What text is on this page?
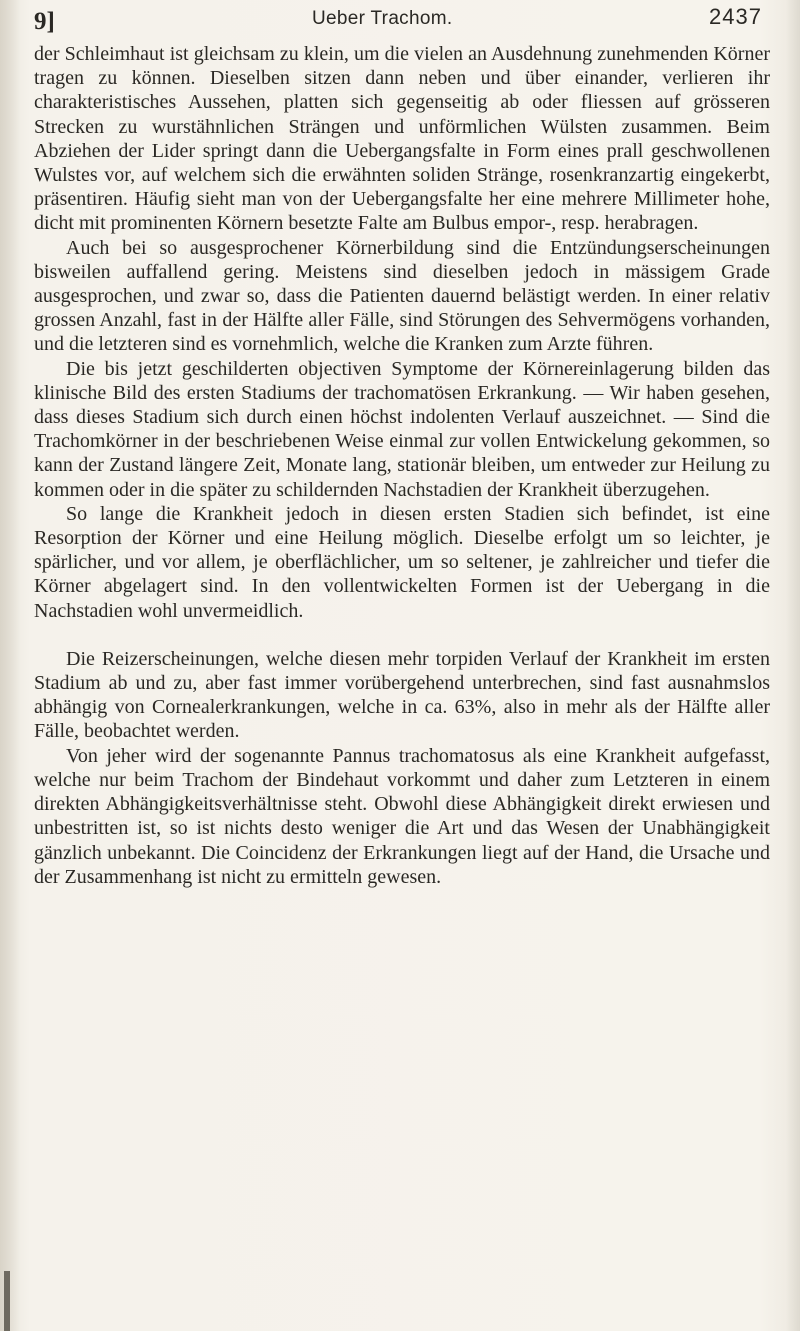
9]	Ueber Trachom.	2437

der Schleimhaut ist gleichsam zu klein, um die vielen an Ausdehnung zunehmenden Körner tragen zu können. Dieselben sitzen dann neben und über einander, verlieren ihr charakteristisches Aussehen, platten sich gegenseitig ab oder fliessen auf grösseren Strecken zu wurstähnlichen Strängen und unförmlichen Wülsten zusammen. Beim Abziehen der Lider springt dann die Uebergangsfalte in Form eines prall geschwollenen Wulstes vor, auf welchem sich die erwähnten soliden Stränge, rosenkranzartig eingekerbt, präsentiren. Häufig sieht man von der Uebergangsfalte her eine mehrere Millimeter hohe, dicht mit prominenten Körnern besetzte Falte am Bulbus empor-, resp. herabragen.

Auch bei so ausgesprochener Körnerbildung sind die Entzündungserscheinungen bisweilen auffallend gering. Meistens sind dieselben jedoch in mässigem Grade ausgesprochen, und zwar so, dass die Patienten dauernd belästigt werden. In einer relativ grossen Anzahl, fast in der Hälfte aller Fälle, sind Störungen des Sehvermögens vorhanden, und die letzteren sind es vornehmlich, welche die Kranken zum Arzte führen.

Die bis jetzt geschilderten objectiven Symptome der Körnereinlagerung bilden das klinische Bild des ersten Stadiums der trachomatösen Erkrankung. — Wir haben gesehen, dass dieses Stadium sich durch einen höchst indolenten Verlauf auszeichnet. — Sind die Trachomkörner in der beschriebenen Weise einmal zur vollen Entwickelung gekommen, so kann der Zustand längere Zeit, Monate lang, stationär bleiben, um entweder zur Heilung zu kommen oder in die später zu schildernden Nachstadien der Krankheit überzugehen.

So lange die Krankheit jedoch in diesen ersten Stadien sich befindet, ist eine Resorption der Körner und eine Heilung möglich. Dieselbe erfolgt um so leichter, je spärlicher, und vor allem, je oberflächlicher, um so seltener, je zahlreicher und tiefer die Körner abgelagert sind. In den vollentwickelten Formen ist der Uebergang in die Nachstadien wohl unvermeidlich.

Die Reizerscheinungen, welche diesen mehr torpiden Verlauf der Krankheit im ersten Stadium ab und zu, aber fast immer vorübergehend unterbrechen, sind fast ausnahmslos abhängig von Cornealerkrankungen, welche in ca. 63%, also in mehr als der Hälfte aller Fälle, beobachtet werden.

Von jeher wird der sogenannte Pannus trachomatosus als eine Krankheit aufgefasst, welche nur beim Trachom der Bindehaut vorkommt und daher zum Letzteren in einem direkten Abhängigkeitsverhältnisse steht. Obwohl diese Abhängigkeit direkt erwiesen und unbestritten ist, so ist nichts desto weniger die Art und das Wesen der Unabhängigkeit gänzlich unbekannt. Die Coincidenz der Erkrankungen liegt auf der Hand, die Ursache und der Zusammenhang ist nicht zu ermitteln gewesen.
